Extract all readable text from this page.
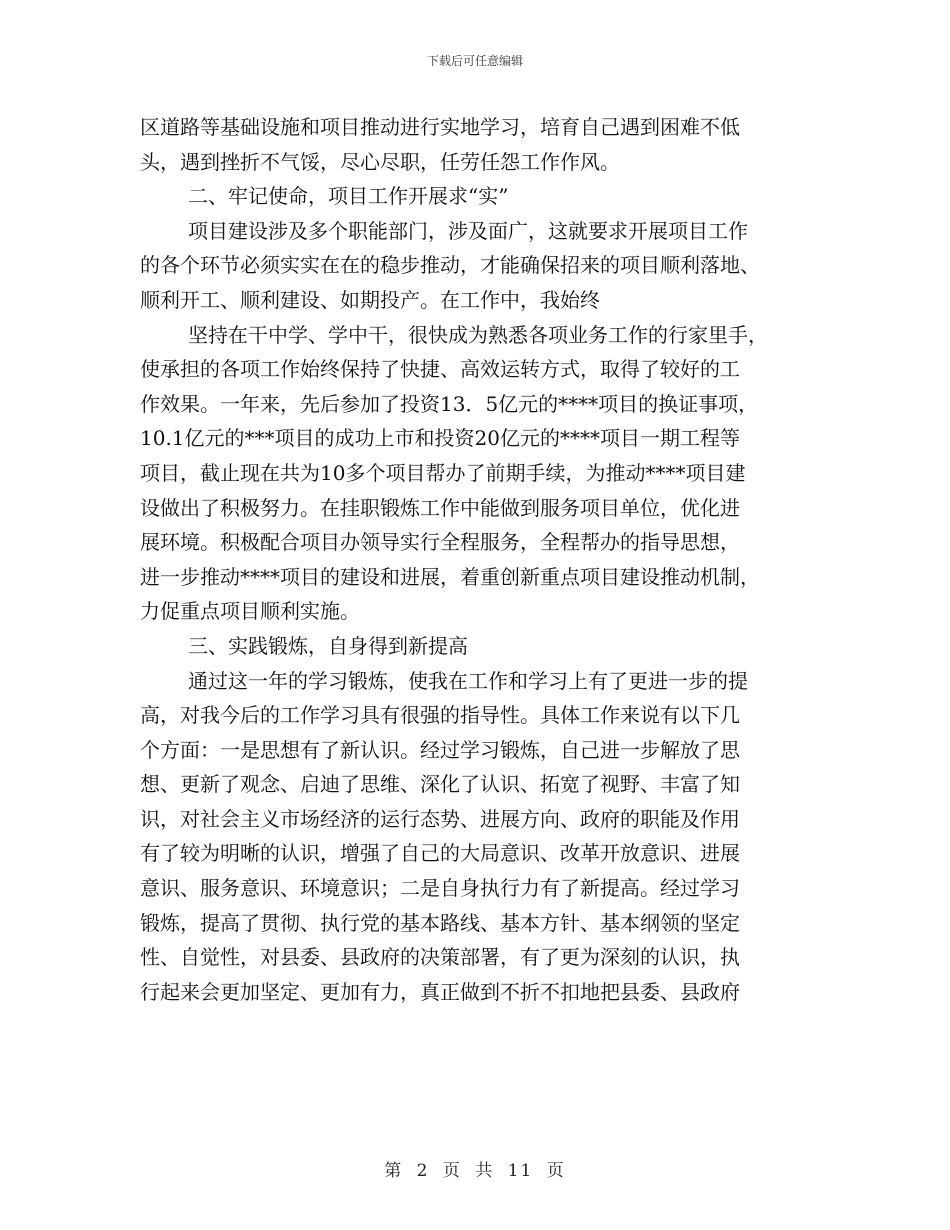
下载后可任意编辑
区道路等基础设施和项目推动进行实地学习，培育自己遇到困难不低
头，遇到挫折不气馁，尽心尽职，任劳任怨工作作风。
二、牢记使命，项目工作开展求“实”
项目建设涉及多个职能部门，涉及面广，这就要求开展项目工作
的各个环节必须实实在在的稳步推动，才能确保招来的项目顺利落地、
顺利开工、顺利建设、如期投产。在工作中，我始终
坚持在干中学、学中干，很快成为熟悉各项业务工作的行家里手，
使承担的各项工作始终保持了快捷、高效运转方式，取得了较好的工
作效果。一年来，先后参加了投资13．5亿元的****项目的换证事项，
10.1亿元的***项目的成功上市和投资20亿元的****项目一期工程等
项目，截止现在共为10多个项目帮办了前期手续，为推动****项目建
设做出了积极努力。在挂职锻炼工作中能做到服务项目单位，优化进
展环境。积极配合项目办领导实行全程服务，全程帮办的指导思想，
进一步推动****项目的建设和进展，着重创新重点项目建设推动机制，
力促重点项目顺利实施。
三、实践锻炼，自身得到新提高
通过这一年的学习锻炼，使我在工作和学习上有了更进一步的提
高，对我今后的工作学习具有很强的指导性。具体工作来说有以下几
个方面：一是思想有了新认识。经过学习锻炼，自己进一步解放了思
想、更新了观念、启迪了思维、深化了认识、拓宽了视野、丰富了知
识，对社会主义市场经济的运行态势、进展方向、政府的职能及作用
有了较为明晰的认识，增强了自己的大局意识、改革开放意识、进展
意识、服务意识、环境意识；二是自身执行力有了新提高。经过学习
锻炼，提高了贯彻、执行党的基本路线、基本方针、基本纲领的坚定
性、自觉性，对县委、县政府的决策部署，有了更为深刻的认识，执
行起来会更加坚定、更加有力，真正做到不折不扣地把县委、县政府
第 2 页 共 11 页
